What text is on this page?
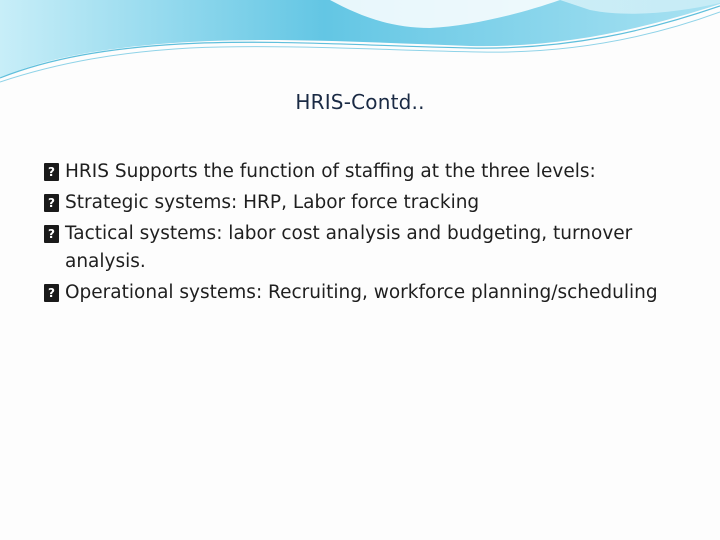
HRIS-Contd..
?
HRIS Supports the function of staffing at the three levels:
?
Strategic systems: HRP, Labor force tracking
?
Tactical systems: labor cost analysis and budgeting, turnover analysis.
?
Operational systems: Recruiting, workforce planning/scheduling
